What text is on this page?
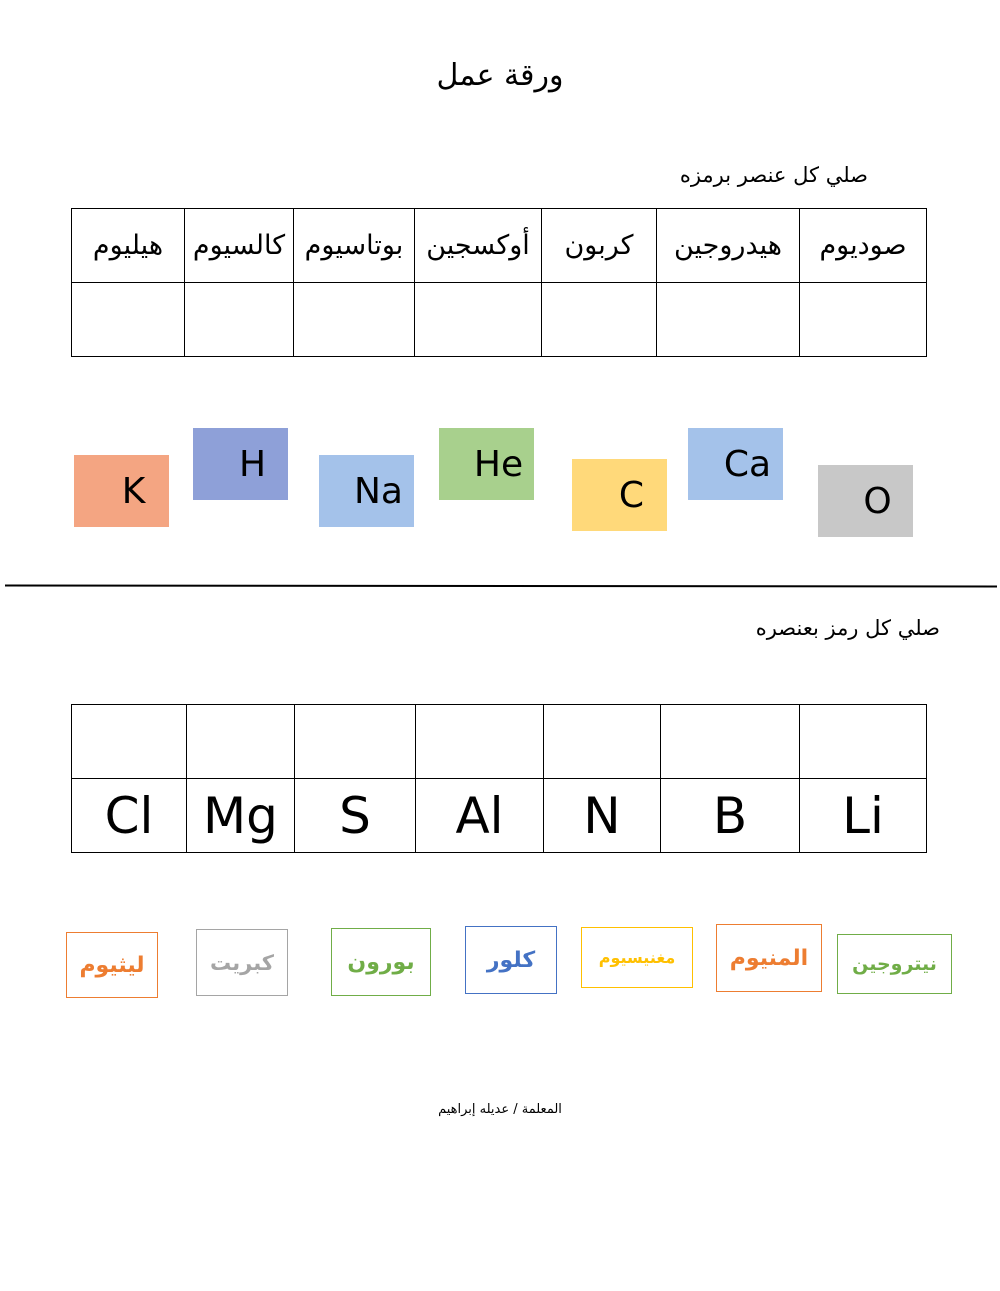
ورقة عمل
صلي كل عنصر برمزه
هيليوم	كالسيوم	بوتاسيوم	أوكسجين	كربون	هيدروجين	صوديوم

K
H
Na
He
C
Ca
O
صلي كل رمز بعنصره

Cl	Mg	S	Al	N	B	Li
ليثيوم	كبريت	بورون	كلور	مغنيسيوم	المنيوم	نيتروجين
المعلمة / عديله إبراهيم
